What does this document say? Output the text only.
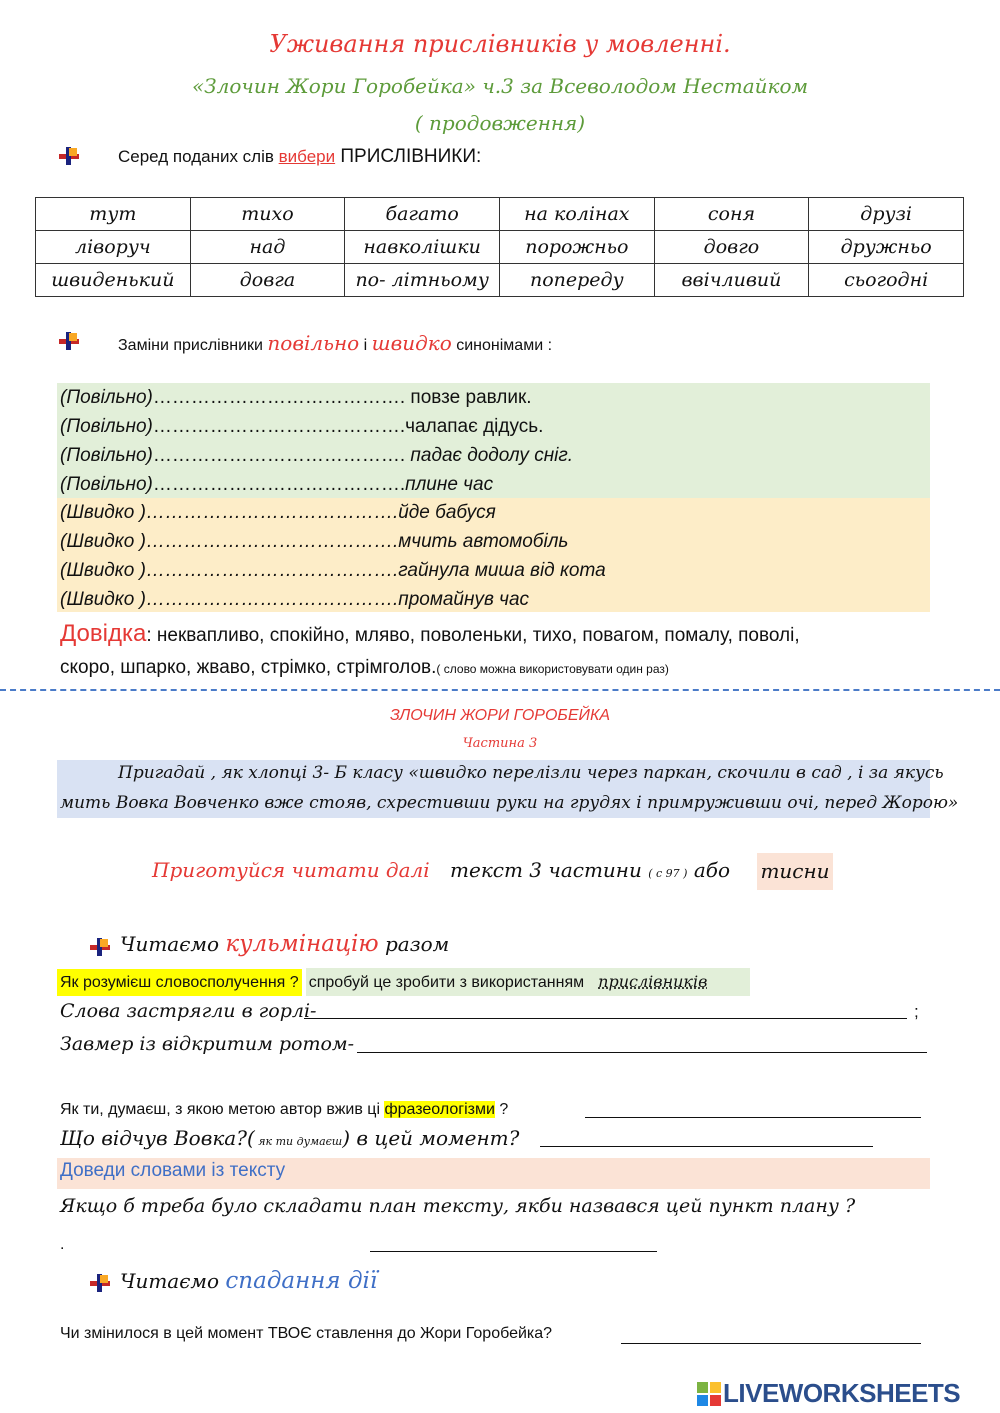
Уживання прислівників у мовленні.
«Злочин Жори Горобейка» ч.3 за Всеволодом Нестайком
( продовження)
Серед поданих слів вибери ПРИСЛІВНИКИ:
тут	тихо	багато	на колінах	соня	друзі
ліворуч	над	навколішки	порожньо	довго	дружньо
швиденький	довга	по- літньому	попереду	ввічливий	сьогодні
Заміни прислівники повільно і швидко синонімами :
(Повільно)…………………………………. повзе равлик.
(Повільно)………………………………….чалапає дідусь.
(Повільно)…………………………………. падає додолу сніг.
(Повільно)………………………………….плине час
(Швидко )………………………………….йде бабуся
(Швидко )………………………………….мчить автомобіль
(Швидко )………………………………….гайнула миша від кота
(Швидко )………………………………….промайнув час
Довідка: неквапливо, спокійно, мляво, поволеньки, тихо, повагом, помалу, поволі,
скоро, шпарко, жваво, стрімко, стрімголов.( слово можна використовувати один раз)
ЗЛОЧИН ЖОРИ ГОРОБЕЙКА
Частина 3
Пригадай , як хлопці 3- Б класу «швидко перелізли через паркан, скочили в сад , і за якусь
мить Вовка Вовченко вже стояв, схрестивши руки на грудях і примруживши очі, перед Жорою»
Приготуйся читати далі текст 3 частини ( с 97 ) або тисни
Читаємо кульмінацію разом
Як розумієш словосполучення ? спробуй це зробити з використанням прислівників
Слова застрягли в горлі-	;
Завмер із відкритим ротом-
Як ти, думаєш, з якою метою автор вжив ці фразеологізми ?
Що відчув Вовка?( як ти думаєш) в цей момент?
Доведи словами із тексту
Якщо б треба було складати план тексту, якби назвався цей пункт плану ?
.
Читаємо спадання дії
Чи змінилося в цей момент ТВОЄ ставлення до Жори Горобейка?
LIVEWORKSHEETS
